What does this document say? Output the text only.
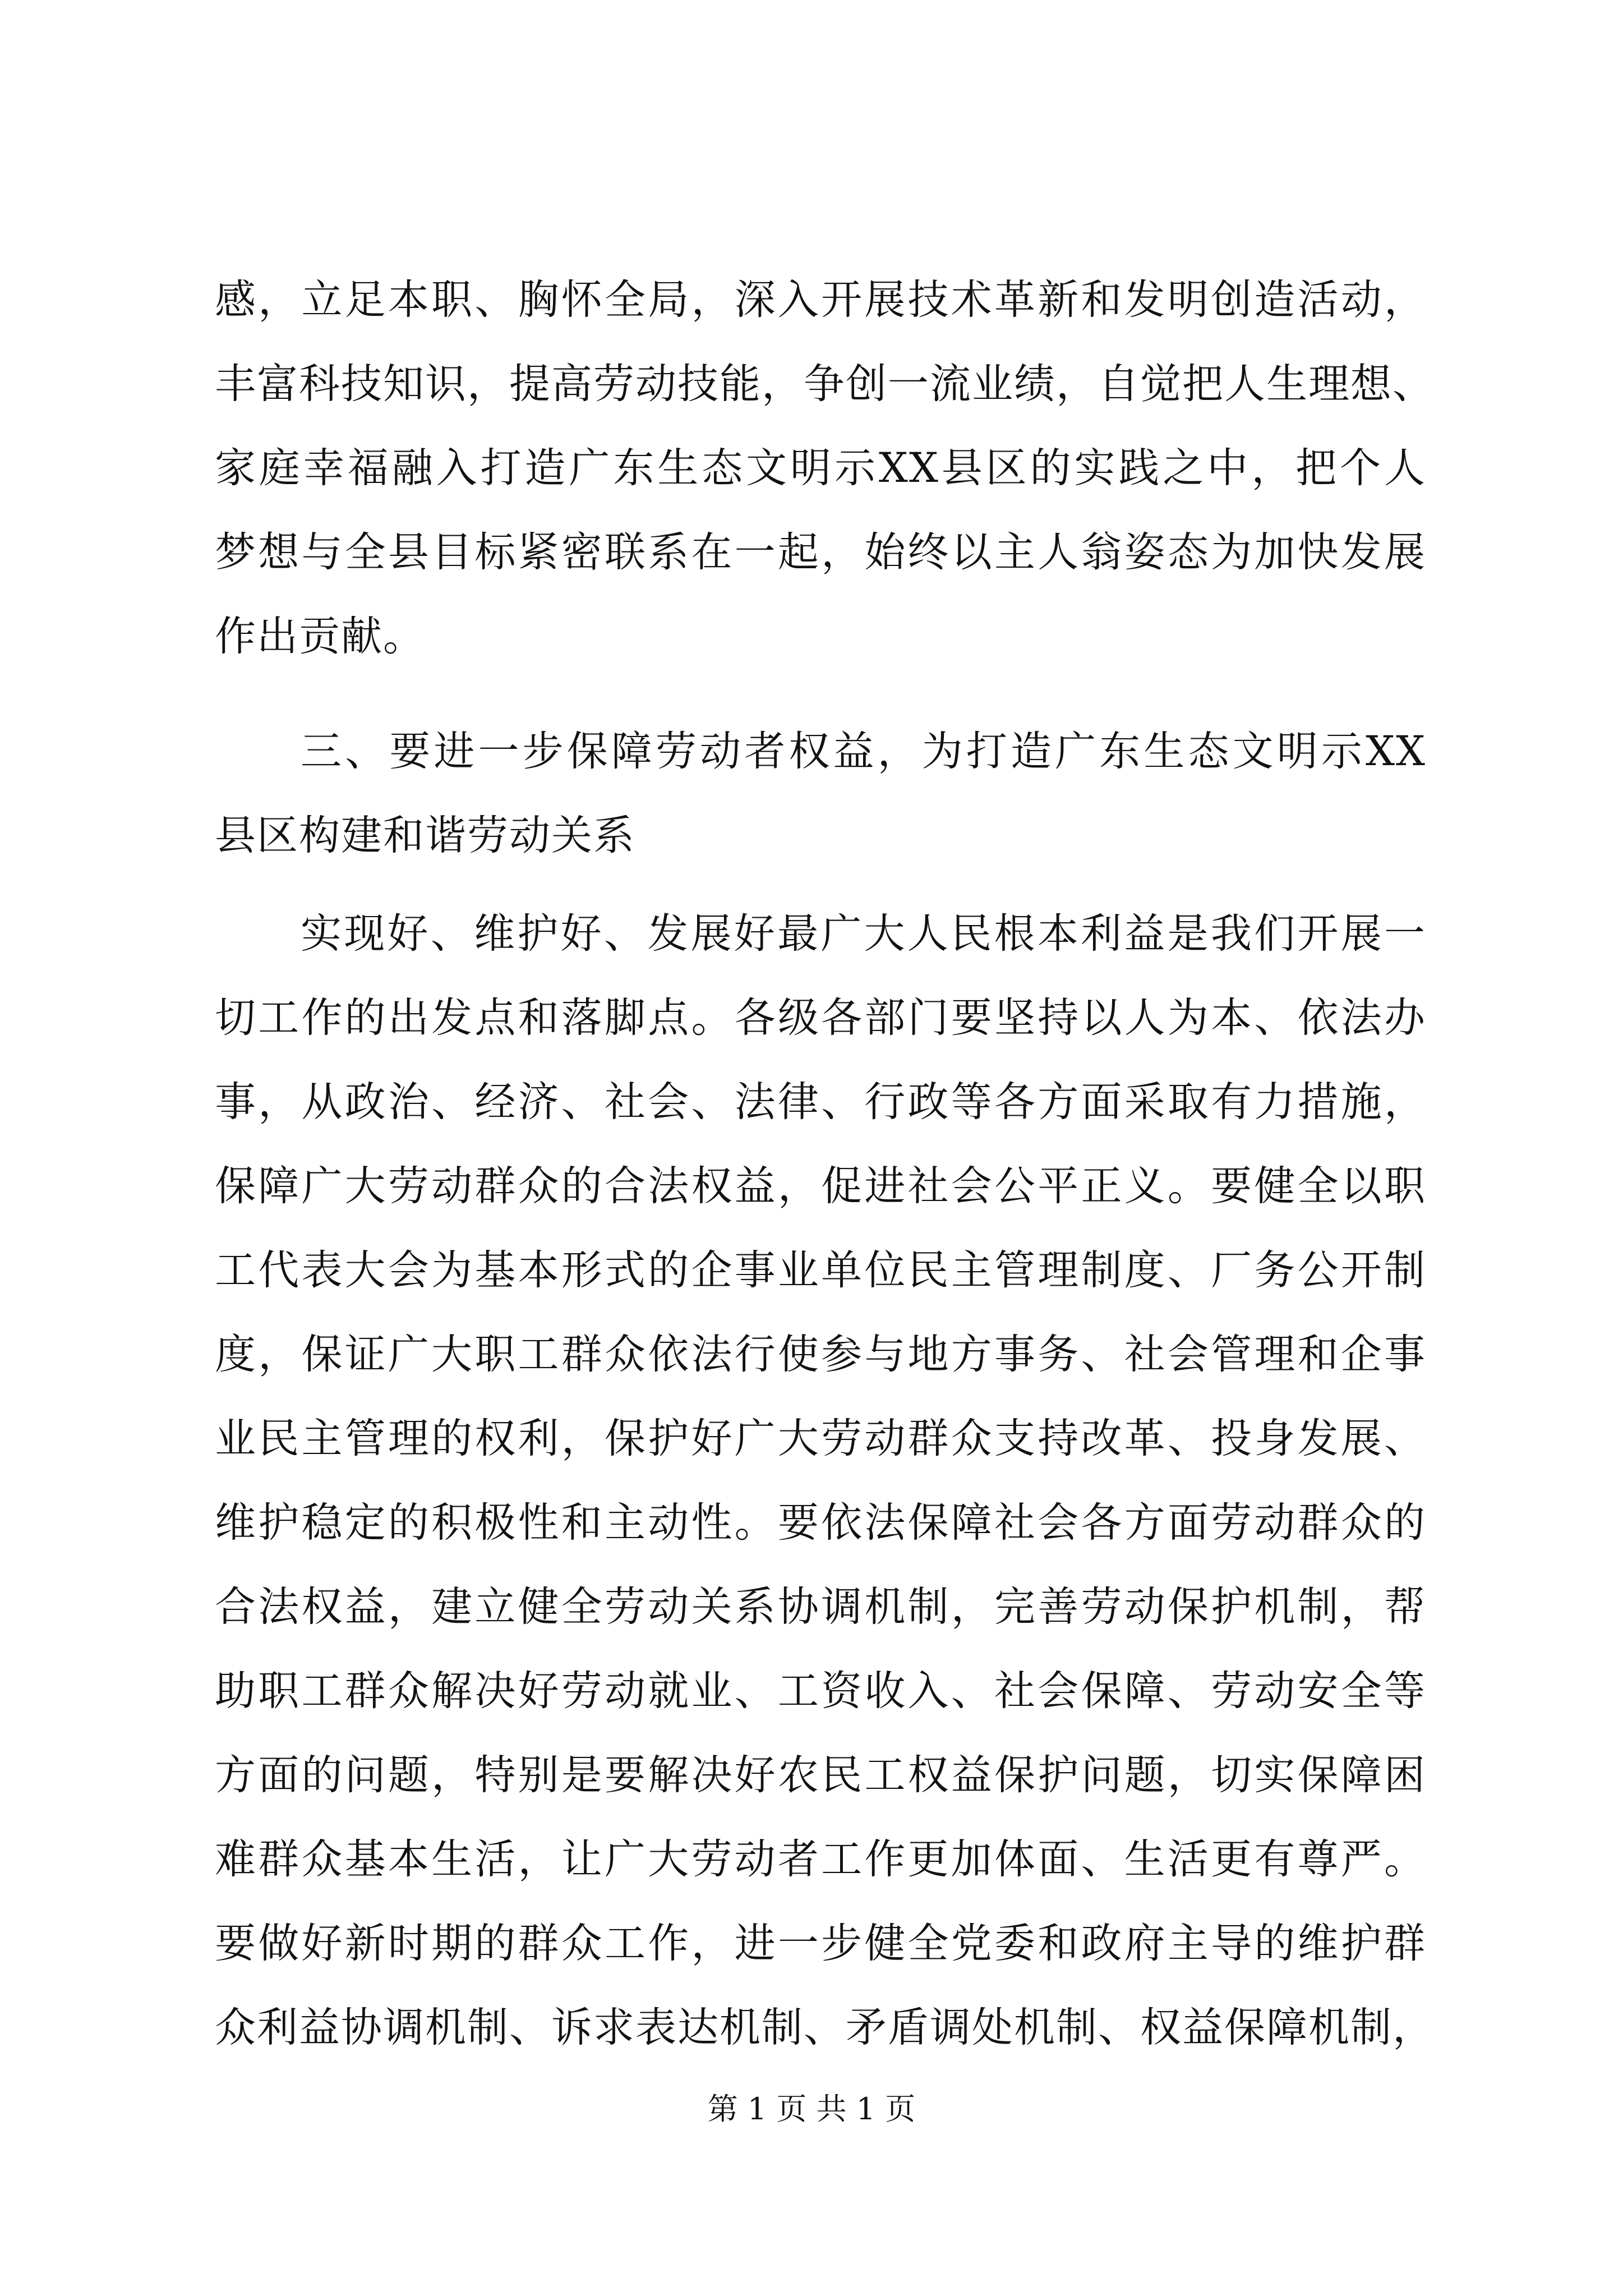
感，立足本职、胸怀全局，深入开展技术革新和发明创造活动，
丰富科技知识，提高劳动技能，争创一流业绩，自觉把人生理想、
家庭幸福融入打造广东生态文明示XX县区的实践之中，把个人
梦想与全县目标紧密联系在一起，始终以主人翁姿态为加快发展
作出贡献。
三、要进一步保障劳动者权益，为打造广东生态文明示XX
县区构建和谐劳动关系
实现好、维护好、发展好最广大人民根本利益是我们开展一
切工作的出发点和落脚点。各级各部门要坚持以人为本、依法办
事，从政治、经济、社会、法律、行政等各方面采取有力措施，
保障广大劳动群众的合法权益，促进社会公平正义。要健全以职
工代表大会为基本形式的企事业单位民主管理制度、厂务公开制
度，保证广大职工群众依法行使参与地方事务、社会管理和企事
业民主管理的权利，保护好广大劳动群众支持改革、投身发展、
维护稳定的积极性和主动性。要依法保障社会各方面劳动群众的
合法权益，建立健全劳动关系协调机制，完善劳动保护机制，帮
助职工群众解决好劳动就业、工资收入、社会保障、劳动安全等
方面的问题，特别是要解决好农民工权益保护问题，切实保障困
难群众基本生活，让广大劳动者工作更加体面、生活更有尊严。
要做好新时期的群众工作，进一步健全党委和政府主导的维护群
众利益协调机制、诉求表达机制、矛盾调处机制、权益保障机制，
第 1 页 共 1 页
